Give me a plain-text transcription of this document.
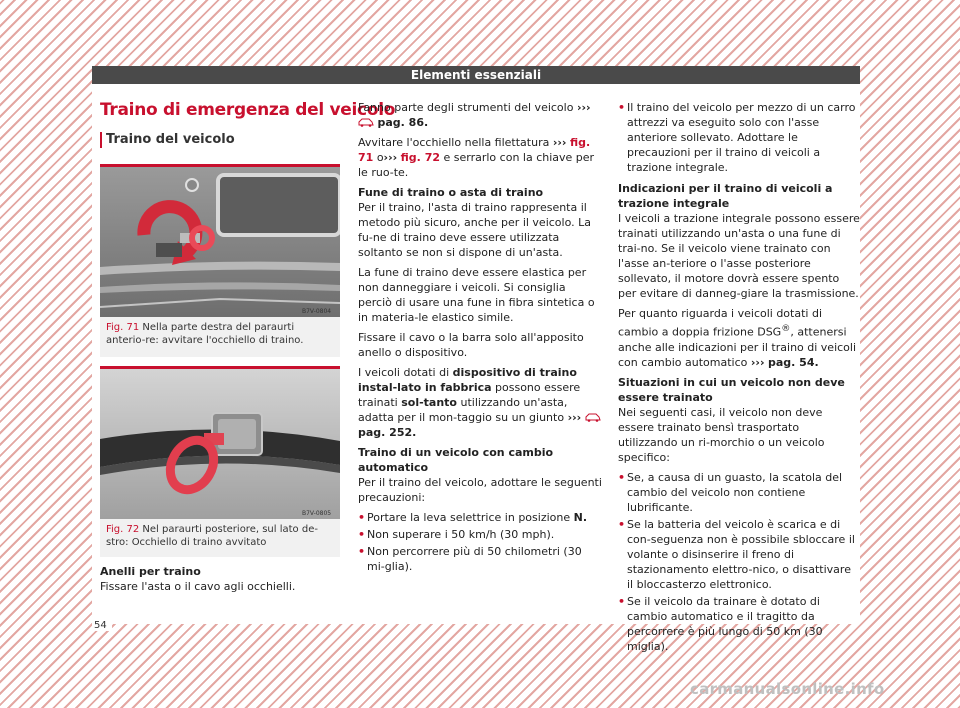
Elementi essenziali
Traino di emergenza del veicolo
Traino del veicolo
B7V-0804
Fig. 71 Nella parte destra del paraurti anterio-re: avvitare l'occhiello di traino.
B7V-0805
Fig. 72 Nel paraurti posteriore, sul lato de-stro: Occhiello di traino avvitato
Anelli per traino
Fissare l'asta o il cavo agli occhielli.
Fanno parte degli strumenti del veicolo ›››  pag. 86.
Avvitare l'occhiello nella filettatura ››› fig. 71 o››› fig. 72 e serrarlo con la chiave per le ruo-te.
Fune di traino o asta di traino
Per il traino, l'asta di traino rappresenta il metodo più sicuro, anche per il veicolo. La fu-ne di traino deve essere utilizzata soltanto se non si dispone di un'asta.
La fune di traino deve essere elastica per non danneggiare i veicoli. Si consiglia perciò di usare una fune in fibra sintetica o in materia-le elastico simile.
Fissare il cavo o la barra solo all'apposito anello o dispositivo.
I veicoli dotati di dispositivo di traino instal-lato in fabbrica possono essere trainati sol-tanto utilizzando un'asta, adatta per il mon-taggio su un giunto ›››  pag. 252.
Traino di un veicolo con cambio automatico
Per il traino del veicolo, adottare le seguenti precauzioni:
• Portare la leva selettrice in posizione N.
• Non superare i 50 km/h (30 mph).
• Non percorrere più di 50 chilometri (30 mi-glia).
• Il traino del veicolo per mezzo di un carro attrezzi va eseguito solo con l'asse anteriore sollevato. Adottare le precauzioni per il traino di veicoli a trazione integrale.
Indicazioni per il traino di veicoli a trazione integrale
I veicoli a trazione integrale possono essere trainati utilizzando un'asta o una fune di trai-no. Se il veicolo viene trainato con l'asse an-teriore o l'asse posteriore sollevato, il motore dovrà essere spento per evitare di danneg-giare la trasmissione.
Per quanto riguarda i veicoli dotati di cambio a doppia frizione DSG®, attenersi anche alle indicazioni per il traino di veicoli con cambio automatico ››› pag. 54.
Situazioni in cui un veicolo non deve essere trainato
Nei seguenti casi, il veicolo non deve essere trainato bensì trasportato utilizzando un ri-morchio o un veicolo specifico:
• Se, a causa di un guasto, la scatola del cambio del veicolo non contiene lubrificante.
• Se la batteria del veicolo è scarica e di con-seguenza non è possibile sbloccare il volante o disinserire il freno di stazionamento elettro-nico, o disattivare il bloccasterzo elettronico.
• Se il veicolo da trainare è dotato di cambio automatico e il tragitto da percorrere è più lungo di 50 km (30 miglia).
54
carmanualsonline.info
